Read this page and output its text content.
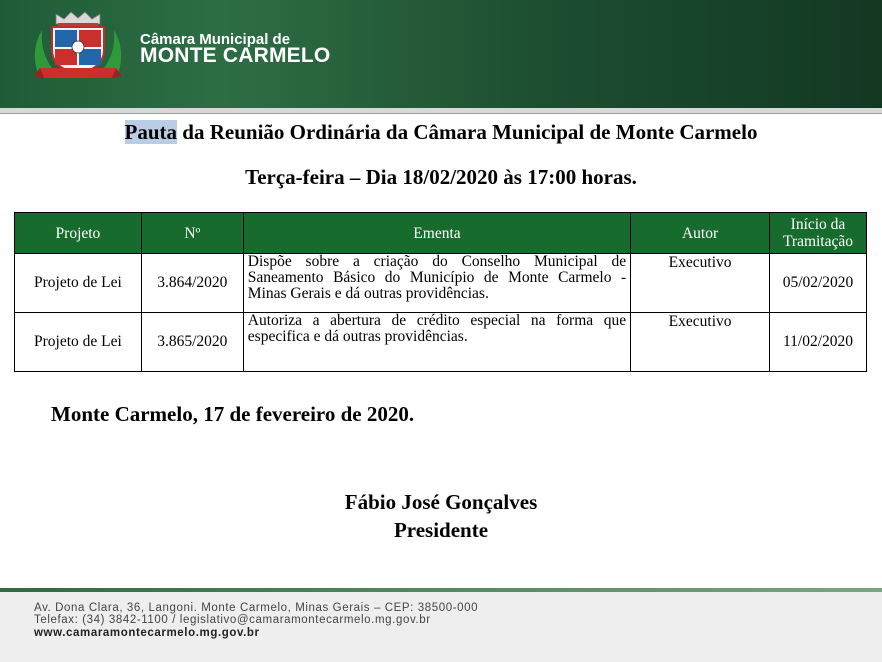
Câmara Municipal de
MONTE CARMELO
Pauta da Reunião Ordinária da Câmara Municipal de Monte Carmelo
Terça-feira – Dia 18/02/2020 às 17:00 horas.
Projeto	Nº	Ementa	Autor	Início da Tramitação
Projeto de Lei	3.864/2020	Dispõe sobre a criação do Conselho Municipal de Saneamento Básico do Município de Monte Carmelo - Minas Gerais e dá outras providências.	Executivo	05/02/2020
Projeto de Lei	3.865/2020	Autoriza a abertura de crédito especial na forma que especifica e dá outras providências.	Executivo	11/02/2020
Monte Carmelo, 17 de fevereiro de 2020.
Fábio José Gonçalves
Presidente
Av. Dona Clara, 36, Langoni. Monte Carmelo, Minas Gerais – CEP: 38500-000
Telefax: (34) 3842-1100 / legislativo@camaramontecarmelo.mg.gov.br
www.camaramontecarmelo.mg.gov.br
